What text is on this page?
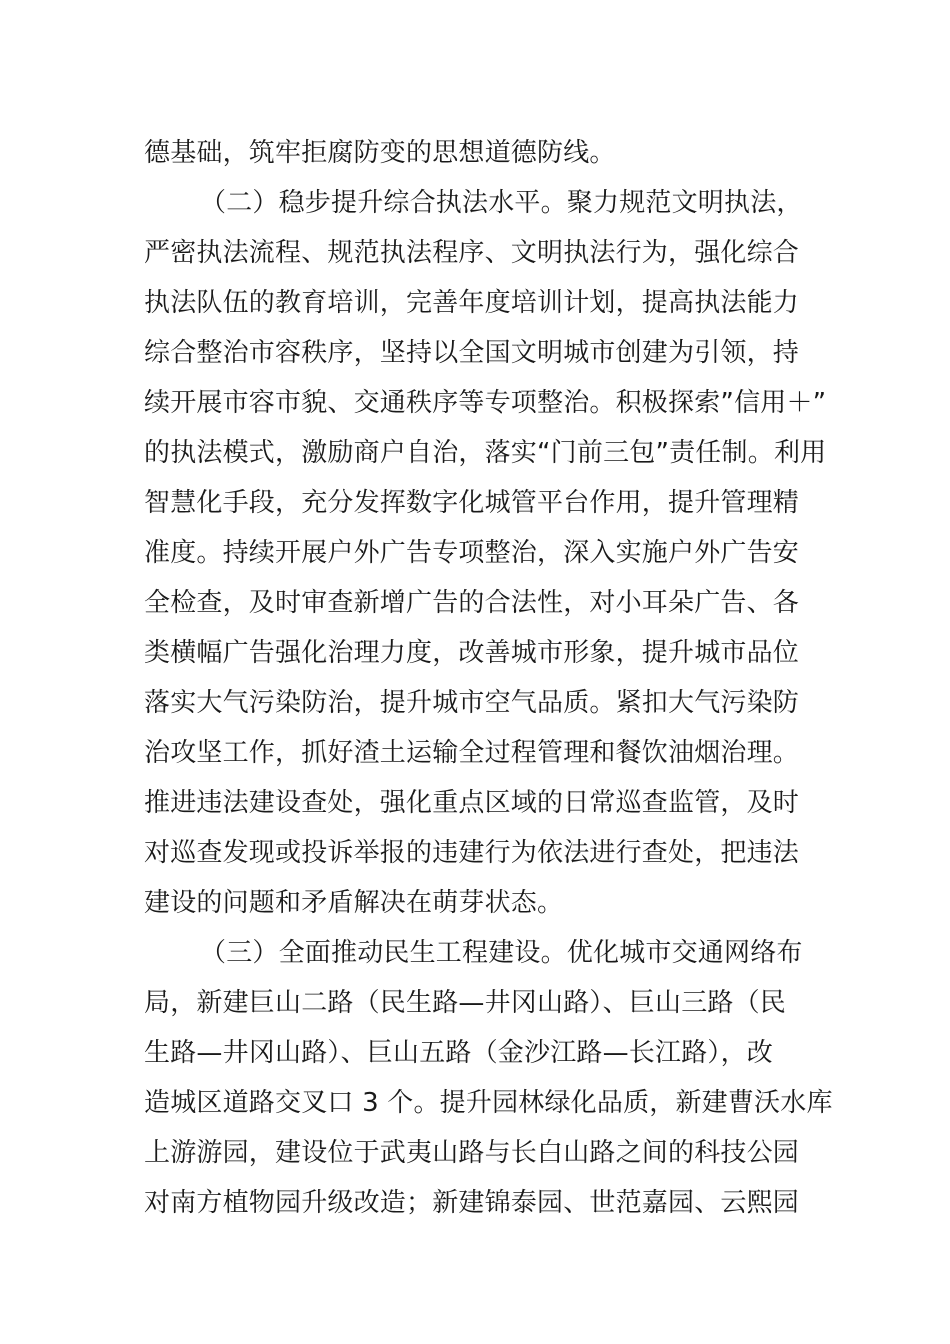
德基础，筑牢拒腐防变的思想道德防线。
（二）稳步提升综合执法水平。聚力规范文明执法，
严密执法流程、规范执法程序、文明执法行为，强化综合
执法队伍的教育培训，完善年度培训计划，提高执法能力
综合整治市容秩序，坚持以全国文明城市创建为引领，持
续开展市容市貌、交通秩序等专项整治。积极探索”信用＋”
的执法模式，激励商户自治，落实“门前三包”责任制。利用
智慧化手段，充分发挥数字化城管平台作用，提升管理精
准度。持续开展户外广告专项整治，深入实施户外广告安
全检查，及时审查新增广告的合法性，对小耳朵广告、各
类横幅广告强化治理力度，改善城市形象，提升城市品位
落实大气污染防治，提升城市空气品质。紧扣大气污染防
治攻坚工作，抓好渣土运输全过程管理和餐饮油烟治理。
推进违法建设查处，强化重点区域的日常巡查监管，及时
对巡查发现或投诉举报的违建行为依法进行查处，把违法
建设的问题和矛盾解决在萌芽状态。
（三）全面推动民生工程建设。优化城市交通网络布
局，新建巨山二路（民生路—井冈山路）、巨山三路（民
生路—井冈山路）、巨山五路（金沙江路—长江路），改
造城区道路交叉口 3 个。提升园林绿化品质，新建曹沃水库
上游游园，建设位于武夷山路与长白山路之间的科技公园
对南方植物园升级改造；新建锦泰园、世范嘉园、云熙园
